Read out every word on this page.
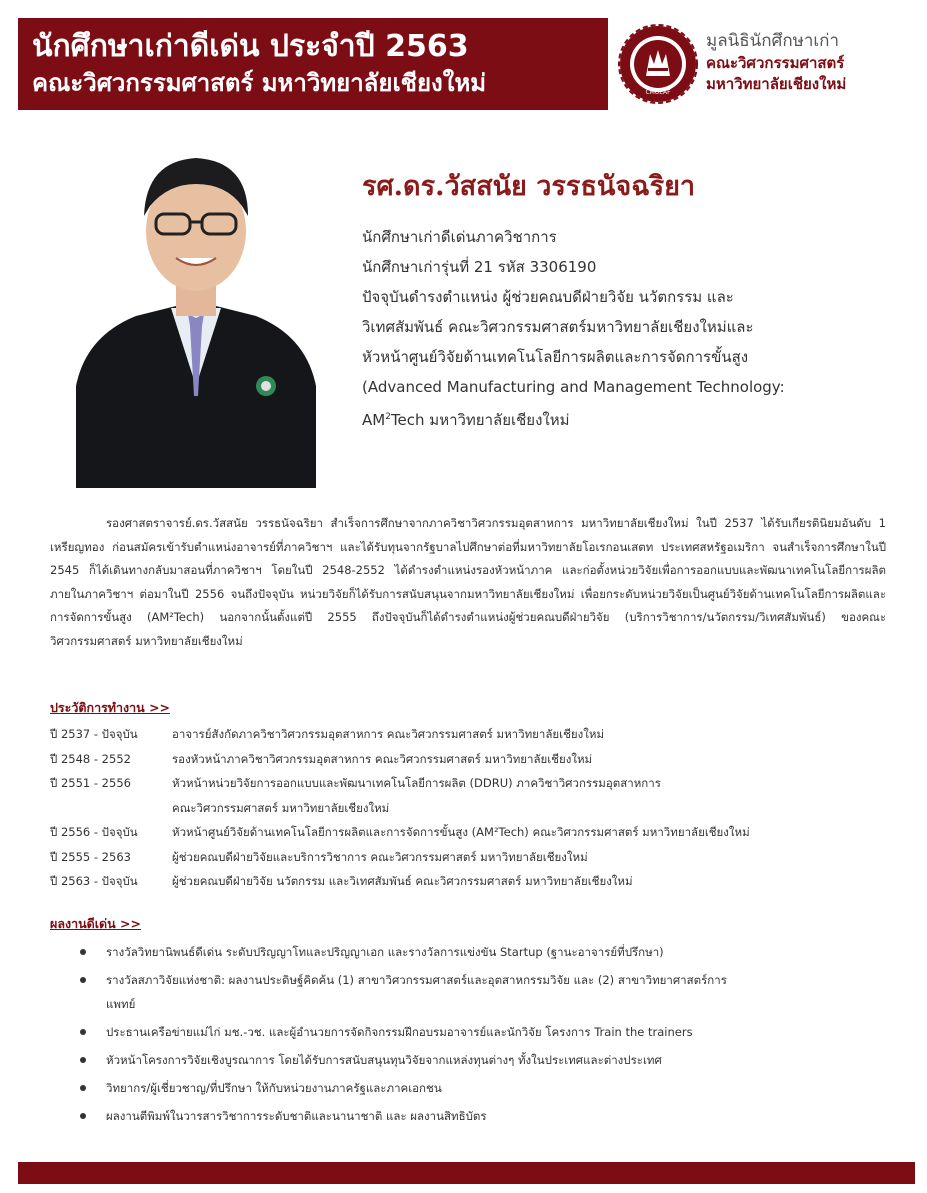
นักศึกษาเก่าดีเด่น ประจำปี 2563
คณะวิศวกรรมศาสตร์ มหาวิทยาลัยเชียงใหม่	CMUEAF
มูลนิธินักศึกษาเก่า
คณะวิศวกรรมศาสตร์
มหาวิทยาลัยเชียงใหม่
รศ.ดร.วัสสนัย วรรธนัจฉริยา
นักศึกษาเก่าดีเด่นภาควิชาการ
นักศึกษาเก่ารุ่นที่ 21 รหัส 3306190
ปัจจุบันดำรงตำแหน่ง ผู้ช่วยคณบดีฝ่ายวิจัย นวัตกรรม และ
วิเทศสัมพันธ์ คณะวิศวกรรมศาสตร์มหาวิทยาลัยเชียงใหม่และ
หัวหน้าศูนย์วิจัยด้านเทคโนโลยีการผลิตและการจัดการขั้นสูง
(Advanced Manufacturing and Management Technology:
$AM^2Tech$ มหาวิทยาลัยเชียงใหม่
รองศาสตราจารย์.ดร.วัสสนัย วรรธนัจฉริยา สำเร็จการศึกษาจากภาควิชาวิศวกรรมอุตสาหการ มหาวิทยาลัยเชียงใหม่ ในปี 2537 ได้รับเกียรตินิยมอันดับ 1 เหรียญทอง ก่อนสมัครเข้ารับตำแหน่งอาจารย์ที่ภาควิชาฯ และได้รับทุนจากรัฐบาลไปศึกษาต่อที่มหาวิทยาลัยโอเรกอนเสตท ประเทศสหรัฐอเมริกา จนสำเร็จการศึกษาในปี 2545 ก็ได้เดินทางกลับมาสอนที่ภาควิชาฯ โดยในปี 2548-2552 ได้ดำรงตำแหน่งรองหัวหน้าภาค และก่อตั้งหน่วยวิจัยเพื่อการออกแบบและพัฒนาเทคโนโลยีการผลิตภายในภาควิชาฯ ต่อมาในปี 2556 จนถึงปัจจุบัน หน่วยวิจัยก็ได้รับการสนับสนุนจากมหาวิทยาลัยเชียงใหม่ เพื่อยกระดับหน่วยวิจัยเป็นศูนย์วิจัยด้านเทคโนโลยีการผลิตและการจัดการขั้นสูง (AM²Tech) นอกจากนั้นตั้งแต่ปี 2555 ถึงปัจจุบันก็ได้ดำรงตำแหน่งผู้ช่วยคณบดีฝ่ายวิจัย (บริการวิชาการ/นวัตกรรม/วิเทศสัมพันธ์) ของคณะวิศวกรรมศาสตร์ มหาวิทยาลัยเชียงใหม่
ประวัติการทำงาน >>
ปี 2537 - ปัจจุบัน	อาจารย์สังกัดภาควิชาวิศวกรรมอุตสาหการ คณะวิศวกรรมศาสตร์ มหาวิทยาลัยเชียงใหม่
ปี 2548 - 2552	รองหัวหน้าภาควิชาวิศวกรรมอุตสาหการ คณะวิศวกรรมศาสตร์ มหาวิทยาลัยเชียงใหม่
ปี 2551 - 2556	หัวหน้าหน่วยวิจัยการออกแบบและพัฒนาเทคโนโลยีการผลิต (DDRU) ภาควิชาวิศวกรรมอุตสาหการ
คณะวิศวกรรมศาสตร์ มหาวิทยาลัยเชียงใหม่
ปี 2556 - ปัจจุบัน	หัวหน้าศูนย์วิจัยด้านเทคโนโลยีการผลิตและการจัดการขั้นสูง (AM²Tech) คณะวิศวกรรมศาสตร์ มหาวิทยาลัยเชียงใหม่
ปี 2555 - 2563	ผู้ช่วยคณบดีฝ่ายวิจัยและบริการวิชาการ คณะวิศวกรรมศาสตร์ มหาวิทยาลัยเชียงใหม่
ปี 2563 - ปัจจุบัน	ผู้ช่วยคณบดีฝ่ายวิจัย นวัตกรรม และวิเทศสัมพันธ์ คณะวิศวกรรมศาสตร์ มหาวิทยาลัยเชียงใหม่
ผลงานดีเด่น >>
รางวัลวิทยานิพนธ์ดีเด่น ระดับปริญญาโทและปริญญาเอก และรางวัลการแข่งขัน Startup (ฐานะอาจารย์ที่ปรึกษา)
รางวัลสภาวิจัยแห่งชาติ: ผลงานประดิษฐ์คิดค้น (1) สาขาวิศวกรรมศาสตร์และอุตสาหกรรมวิจัย และ (2) สาขาวิทยาศาสตร์การแพทย์
ประธานเครือข่ายแม่ไก่ มช.-วช. และผู้อำนวยการจัดกิจกรรมฝึกอบรมอาจารย์และนักวิจัย โครงการ Train the trainers
หัวหน้าโครงการวิจัยเชิงบูรณาการ โดยได้รับการสนับสนุนทุนวิจัยจากแหล่งทุนต่างๆ ทั้งในประเทศและต่างประเทศ
วิทยากร/ผู้เชี่ยวชาญ/ที่ปรึกษา ให้กับหน่วยงานภาครัฐและภาคเอกชน
ผลงานตีพิมพ์ในวารสารวิชาการระดับชาติและนานาชาติ และ ผลงานสิทธิบัตร
